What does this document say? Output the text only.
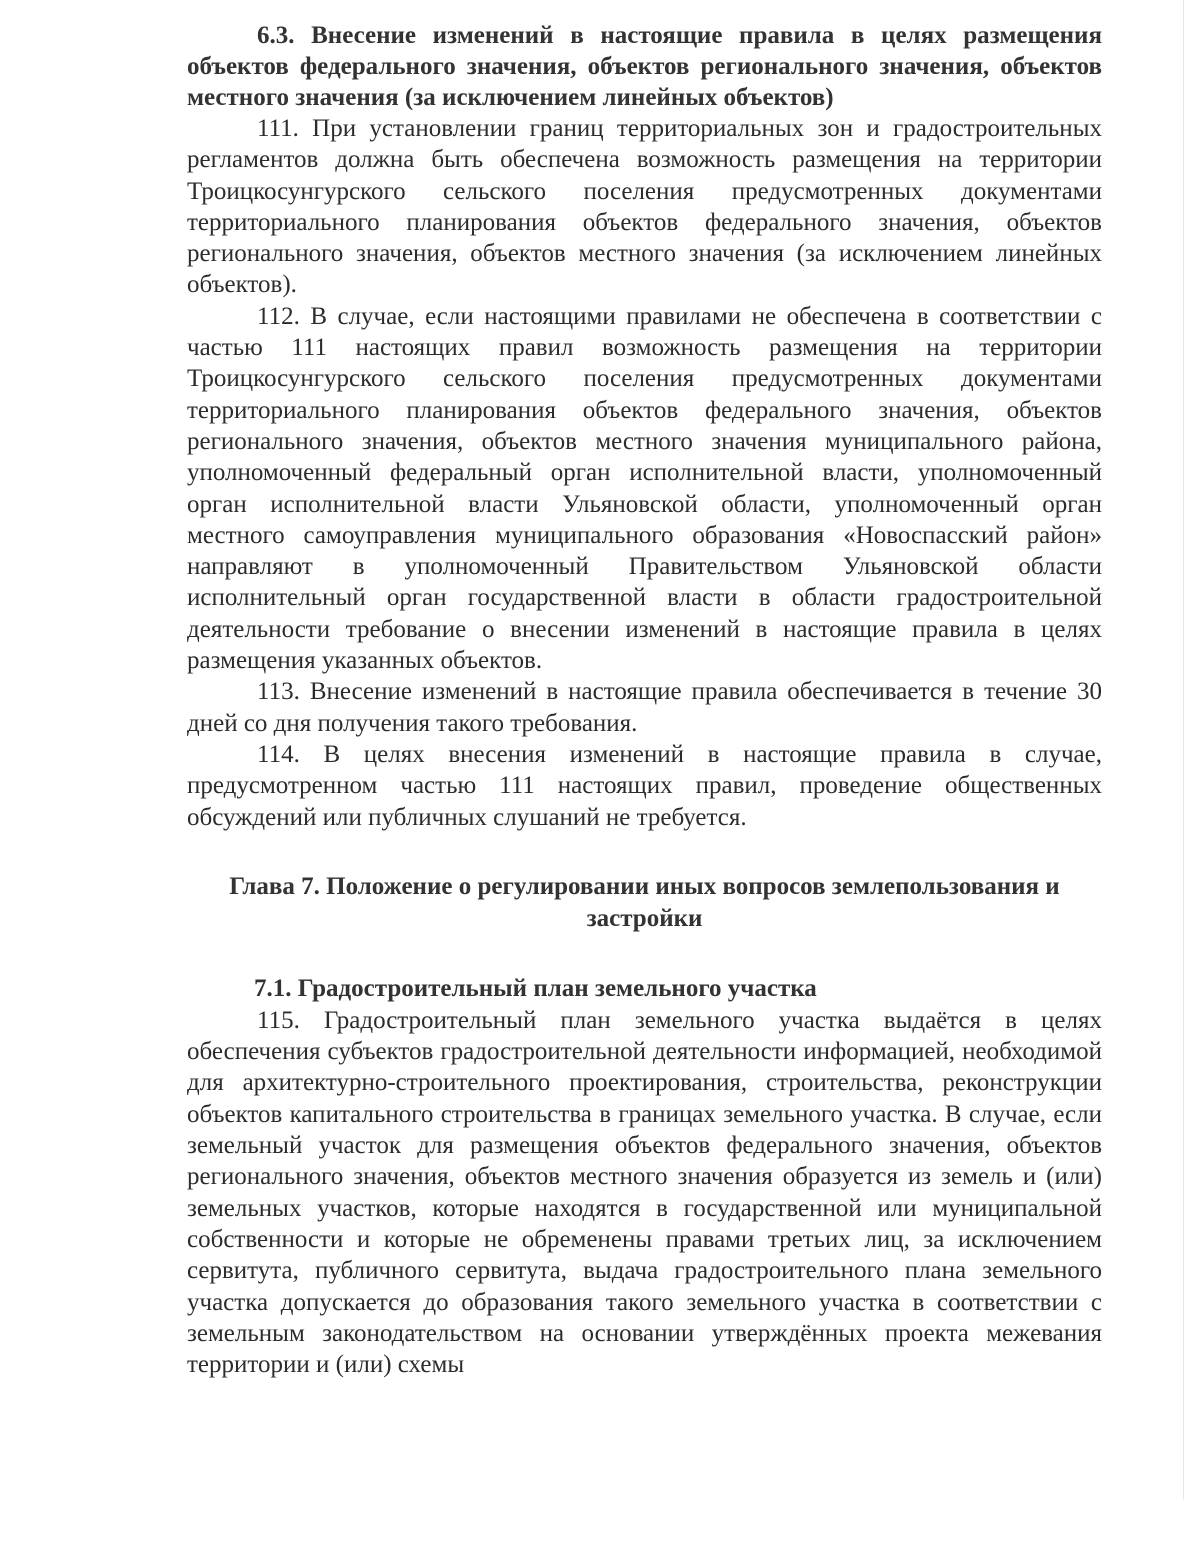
6.3. Внесение изменений в настоящие правила в целях размещения объектов федерального значения, объектов регионального значения, объектов местного значения (за исключением линейных объектов)

111. При установлении границ территориальных зон и градостроительных регламентов должна быть обеспечена возможность размещения на территории Троицкосунгурского сельского поселения предусмотренных документами территориального планирования объектов федерального значения, объектов регионального значения, объектов местного значения (за исключением линейных объектов).

112. В случае, если настоящими правилами не обеспечена в соответствии с частью 111 настоящих правил возможность размещения на территории Троицкосунгурского сельского поселения предусмотренных документами территориального планирования объектов федерального значения, объектов регионального значения, объектов местного значения муниципального района, уполномоченный федеральный орган исполнительной власти, уполномоченный орган исполнительной власти Ульяновской области, уполномоченный орган местного самоуправления муниципального образования «Новоспасский район» направляют в уполномоченный Правительством Ульяновской области исполнительный орган государственной власти в области градостроительной деятельности требование о внесении изменений в настоящие правила в целях размещения указанных объектов.

113. Внесение изменений в настоящие правила обеспечивается в течение 30 дней со дня получения такого требования.

114. В целях внесения изменений в настоящие правила в случае, предусмотренном частью 111 настоящих правил, проведение общественных обсуждений или публичных слушаний не требуется.

Глава 7. Положение о регулировании иных вопросов землепользования и застройки

7.1. Градостроительный план земельного участка

115. Градостроительный план земельного участка выдаётся в целях обеспечения субъектов градостроительной деятельности информацией, необходимой для архитектурно-строительного проектирования, строительства, реконструкции объектов капитального строительства в границах земельного участка. В случае, если земельный участок для размещения объектов федерального значения, объектов регионального значения, объектов местного значения образуется из земель и (или) земельных участков, которые находятся в государственной или муниципальной собственности и которые не обременены правами третьих лиц, за исключением сервитута, публичного сервитута, выдача градостроительного плана земельного участка допускается до образования такого земельного участка в соответствии с земельным законодательством на основании утверждённых проекта межевания территории и (или) схемы
